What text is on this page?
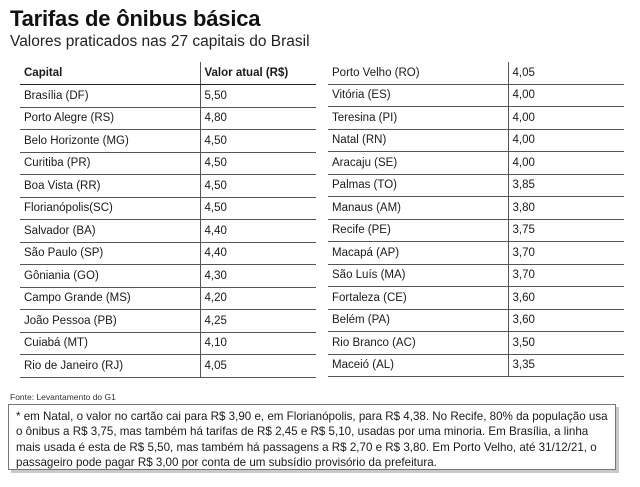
Tarifas de ônibus básica
Valores praticados nas 27 capitais do Brasil
Capital	Valor atual (R$)
Brasília (DF)	5,50
Porto Alegre (RS)	4,80
Belo Horizonte (MG)	4,50
Curitiba (PR)	4,50
Boa Vista (RR)	4,50
Florianópolis(SC)	4,50
Salvador (BA)	4,40
São Paulo (SP)	4,40
Gôniania (GO)	4,30
Campo Grande (MS)	4,20
João Pessoa (PB)	4,25
Cuiabá (MT)	4,10
Rio de Janeiro (RJ)	4,05
Porto Velho (RO)	4,05
Vitória (ES)	4,00
Teresina (PI)	4,00
Natal (RN)	4,00
Aracaju (SE)	4,00
Palmas (TO)	3,85
Manaus (AM)	3,80
Recife (PE)	3,75
Macapá (AP)	3,70
São Luís (MA)	3,70
Fortaleza (CE)	3,60
Belém (PA)	3,60
Rio Branco (AC)	3,50
Maceió (AL)	3,35
Fonte: Levantamento do G1
* em Natal, o valor no cartão cai para R$ 3,90 e, em Florianópolis, para R$ 4,38. No Recife, 80% da população usa o ônibus a R$ 3,75, mas também há tarifas de R$ 2,45 e R$ 5,10, usadas por uma minoria. Em Brasília, a linha mais usada é esta de R$ 5,50, mas também há passagens a R$ 2,70 e R$ 3,80. Em Porto Velho, até 31/12/21, o passageiro pode pagar R$ 3,00 por conta de um subsídio provisório da prefeitura.
